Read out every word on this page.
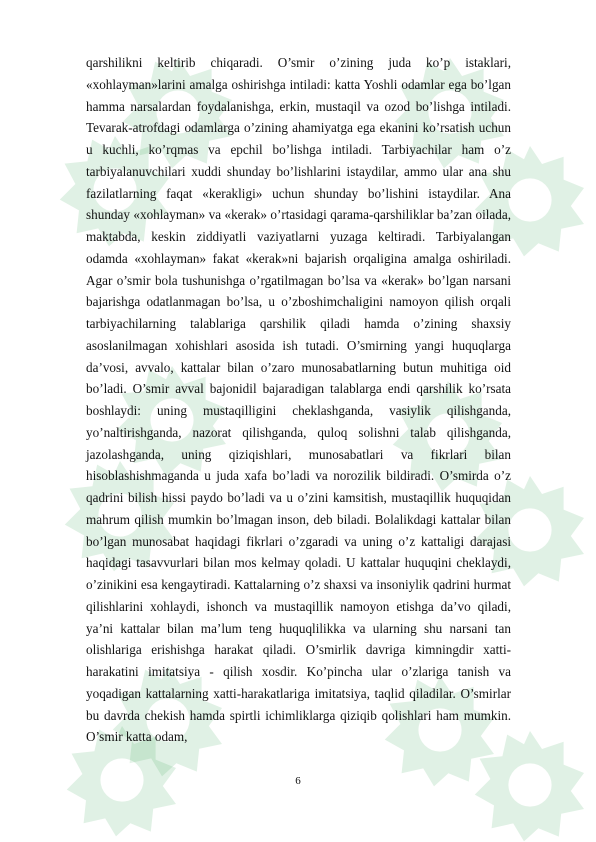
qarshilikni keltirib chiqaradi. O’smir o’zining juda ko’p istaklari, «xohlayman»larini amalga oshirishga intiladi: katta Yoshli odamlar ega bo’lgan hamma narsalardan foydalanishga, erkin, mustaqil va ozod bo’lishga intiladi. Tevarak-atrofdagi odamlarga o’zining ahamiyatga ega ekanini ko’rsatish uchun u kuchli, ko’rqmas va epchil bo’lishga intiladi. Tarbiyachilar ham o’z tarbiyalanuvchilari xuddi shunday bo’lishlarini istaydilar, ammo ular ana shu fazilatlarning faqat «kerakligi» uchun shunday bo’lishini istaydilar. Ana shunday «xohlayman» va «kerak» o’rtasidagi qarama-qarshiliklar ba’zan oilada, maktabda, keskin ziddiyatli vaziyatlarni yuzaga keltiradi. Tarbiyalangan odamda «xohlayman» fakat «kerak»ni bajarish orqaligina amalga oshiriladi. Agar o’smir bola tushunishga o’rgatilmagan bo’lsa va «kerak» bo’lgan narsani bajarishga odatlanmagan bo’lsa, u o’zboshimchaligini namoyon qilish orqali tarbiyachilarning talablariga qarshilik qiladi hamda o’zining shaxsiy asoslanilmagan xohishlari asosida ish tutadi. O’smirning yangi huquqlarga da’vosi, avvalo, kattalar bilan o’zaro munosabatlarning butun muhitiga oid bo’ladi. O’smir avval bajonidil bajaradigan talablarga endi qarshilik ko’rsata boshlaydi: uning mustaqilligini cheklashganda, vasiylik qilishganda, yo’naltirishganda, nazorat qilishganda, quloq solishni talab qilishganda, jazolashganda, uning qiziqishlari, munosabatlari va fikrlari bilan hisoblashishmaganda u juda xafa bo’ladi va norozilik bildiradi. O’smirda o’z qadrini bilish hissi paydo bo’ladi va u o’zini kamsitish, mustaqillik huquqidan mahrum qilish mumkin bo’lmagan inson, deb biladi. Bolalikdagi kattalar bilan bo’lgan munosabat haqidagi fikrlari o’zgaradi va uning o’z kattaligi darajasi haqidagi tasavvurlari bilan mos kelmay qoladi. U kattalar huquqini cheklaydi, o’zinikini esa kengaytiradi. Kattalarning o’z shaxsi va insoniylik qadrini hurmat qilishlarini xohlaydi, ishonch va mustaqillik namoyon etishga da’vo qiladi, ya’ni kattalar bilan ma’lum teng huquqlilikka va ularning shu narsani tan olishlariga erishishga harakat qiladi. O’smirlik davriga kimningdir xatti-harakatini imitatsiya - qilish xosdir. Ko’pincha ular o’zlariga tanish va yoqadigan kattalarning xatti-harakatlariga imitatsiya, taqlid qiladilar. O’smirlar bu davrda chekish hamda spirtli ichimliklarga qiziqib qolishlari ham mumkin. O’smir katta odam,

6
